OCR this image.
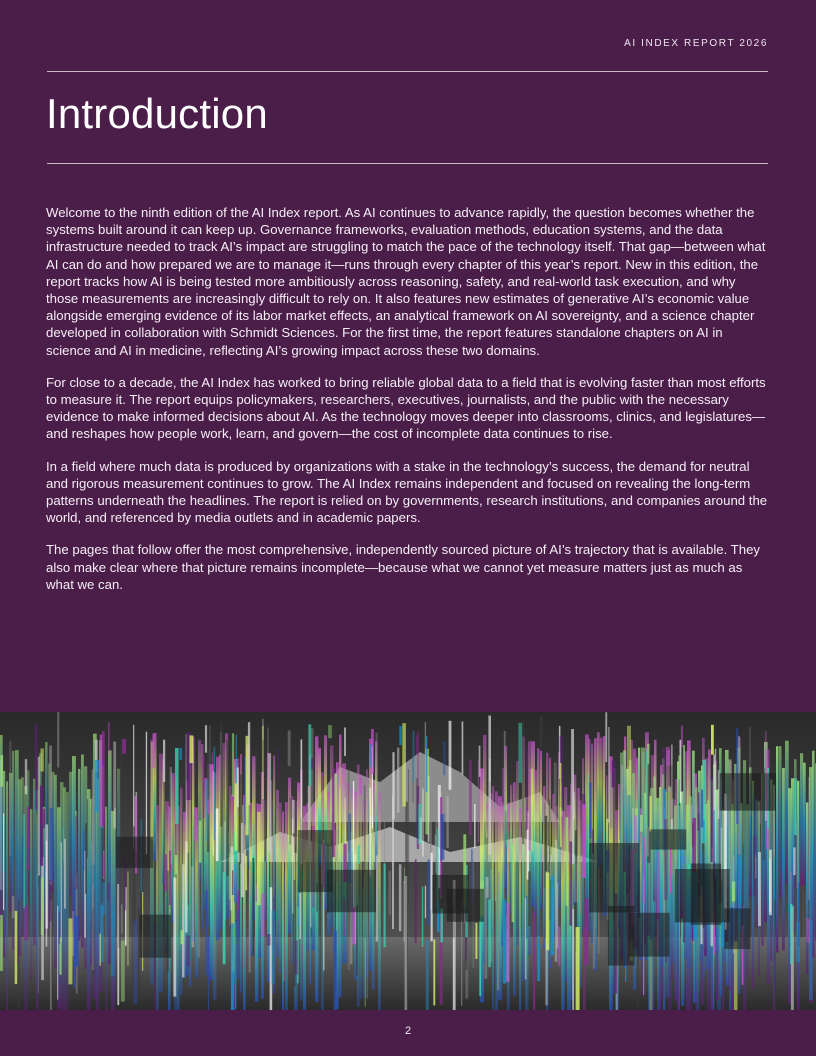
AI INDEX REPORT 2026
Introduction

Welcome to the ninth edition of the AI Index report. As AI continues to advance rapidly, the question becomes whether the systems built around it can keep up. Governance frameworks, evaluation methods, education systems, and the data infrastructure needed to track AI’s impact are struggling to match the pace of the technology itself. That gap—between what AI can do and how prepared we are to manage it—runs through every chapter of this year’s report. New in this edition, the report tracks how AI is being tested more ambitiously across reasoning, safety, and real-world task execution, and why those measurements are increasingly difficult to rely on. It also features new estimates of generative AI’s economic value alongside emerging evidence of its labor market effects, an analytical framework on AI sovereignty, and a science chapter developed in collaboration with Schmidt Sciences. For the first time, the report features standalone chapters on AI in science and AI in medicine, reflecting AI’s growing impact across these two domains.

For close to a decade, the AI Index has worked to bring reliable global data to a field that is evolving faster than most efforts to measure it. The report equips policymakers, researchers, executives, journalists, and the public with the necessary evidence to make informed decisions about AI. As the technology moves deeper into classrooms, clinics, and legislatures—and reshapes how people work, learn, and govern—the cost of incomplete data continues to rise.

In a field where much data is produced by organizations with a stake in the technology’s success, the demand for neutral and rigorous measurement continues to grow. The AI Index remains independent and focused on revealing the long-term patterns underneath the headlines. The report is relied on by governments, research institutions, and companies around the world, and referenced by media outlets and in academic papers.

The pages that follow offer the most comprehensive, independently sourced picture of AI’s trajectory that is available. They also make clear where that picture remains incomplete—because what we cannot yet measure matters just as much as what we can.

2
